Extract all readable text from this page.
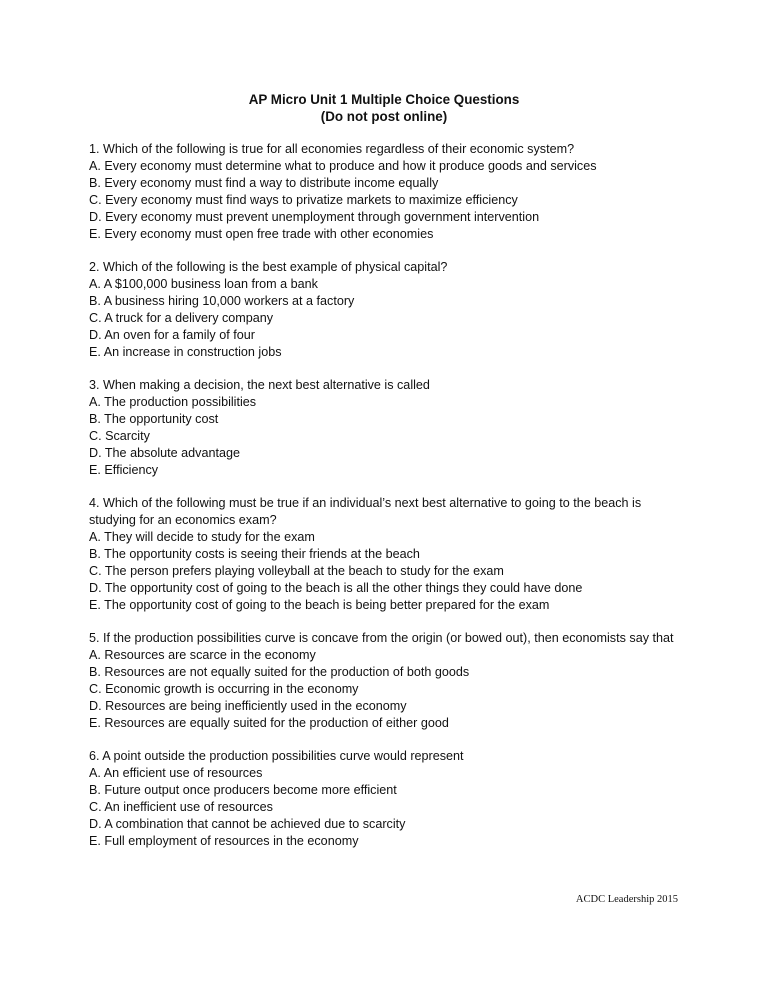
AP Micro Unit 1 Multiple Choice Questions
(Do not post online)
1. Which of the following is true for all economies regardless of their economic system?
A. Every economy must determine what to produce and how it produce goods and services
B. Every economy must find a way to distribute income equally
C. Every economy must find ways to privatize markets to maximize efficiency
D. Every economy must prevent unemployment through government intervention
E. Every economy must open free trade with other economies
2. Which of the following is the best example of physical capital?
A. A $100,000 business loan from a bank
B. A business hiring 10,000 workers at a factory
C. A truck for a delivery company
D. An oven for a family of four
E. An increase in construction jobs
3. When making a decision, the next best alternative is called
A. The production possibilities
B. The opportunity cost
C. Scarcity
D. The absolute advantage
E. Efficiency
4. Which of the following must be true if an individual’s next best alternative to going to the beach is studying for an economics exam?
A. They will decide to study for the exam
B. The opportunity costs is seeing their friends at the beach
C. The person prefers playing volleyball at the beach to study for the exam
D. The opportunity cost of going to the beach is all the other things they could have done
E. The opportunity cost of going to the beach is being better prepared for the exam
5. If the production possibilities curve is concave from the origin (or bowed out), then economists say that
A. Resources are scarce in the economy
B. Resources are not equally suited for the production of both goods
C. Economic growth is occurring in the economy
D. Resources are being inefficiently used in the economy
E. Resources are equally suited for the production of either good
6. A point outside the production possibilities curve would represent
A. An efficient use of resources
B. Future output once producers become more efficient
C. An inefficient use of resources
D. A combination that cannot be achieved due to scarcity
E. Full employment of resources in the economy
ACDC Leadership 2015
